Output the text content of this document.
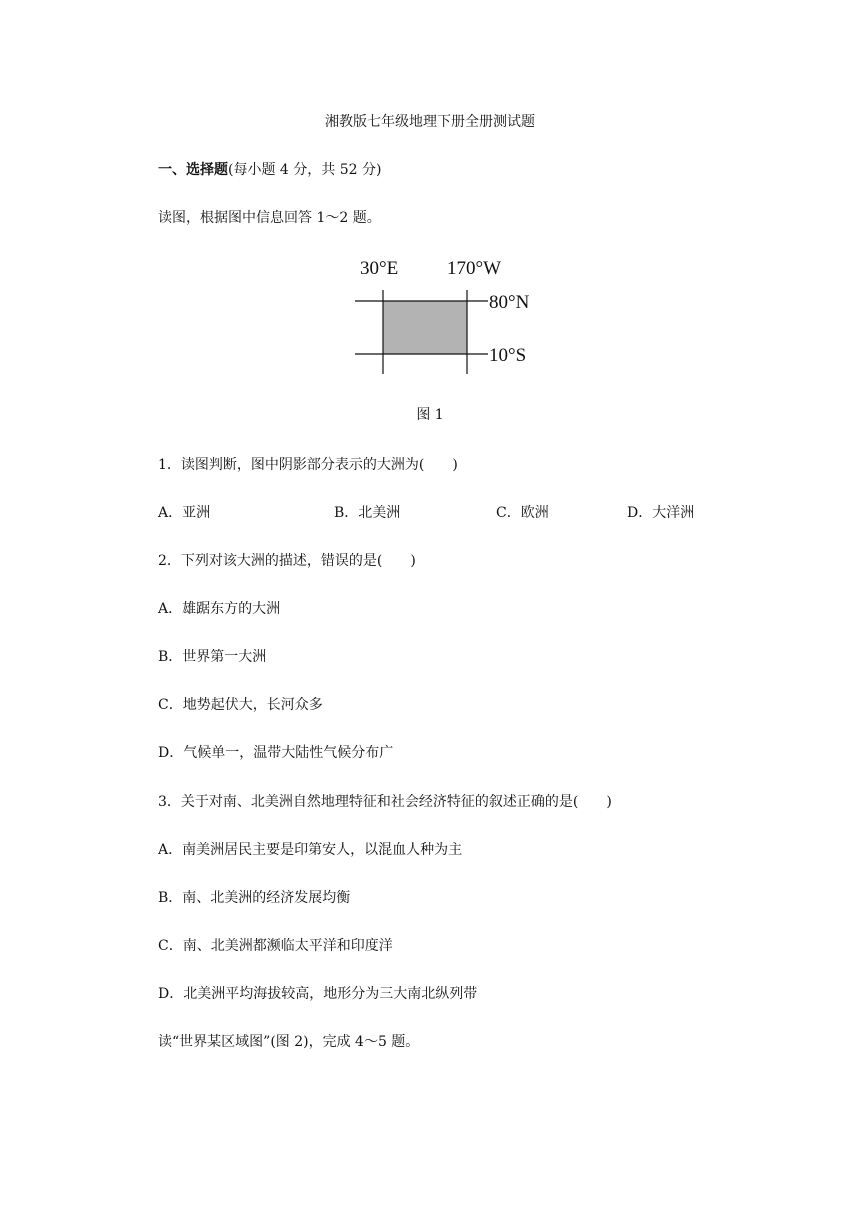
湘教版七年级地理下册全册测试题
一、选择题(每小题 4 分，共 52 分)
读图，根据图中信息回答 1～2 题。
30°E	170°W
80°N
10°S
图 1
1．读图判断，图中阴影部分表示的大洲为(　　)
A．亚洲	B．北美洲	C．欧洲	D．大洋洲
2．下列对该大洲的描述，错误的是(　　)
A．雄踞东方的大洲
B．世界第一大洲
C．地势起伏大，长河众多
D．气候单一，温带大陆性气候分布广
3．关于对南、北美洲自然地理特征和社会经济特征的叙述正确的是(　　)
A．南美洲居民主要是印第安人，以混血人种为主
B．南、北美洲的经济发展均衡
C．南、北美洲都濒临太平洋和印度洋
D．北美洲平均海拔较高，地形分为三大南北纵列带
读“世界某区域图”(图 2)，完成 4～5 题。
